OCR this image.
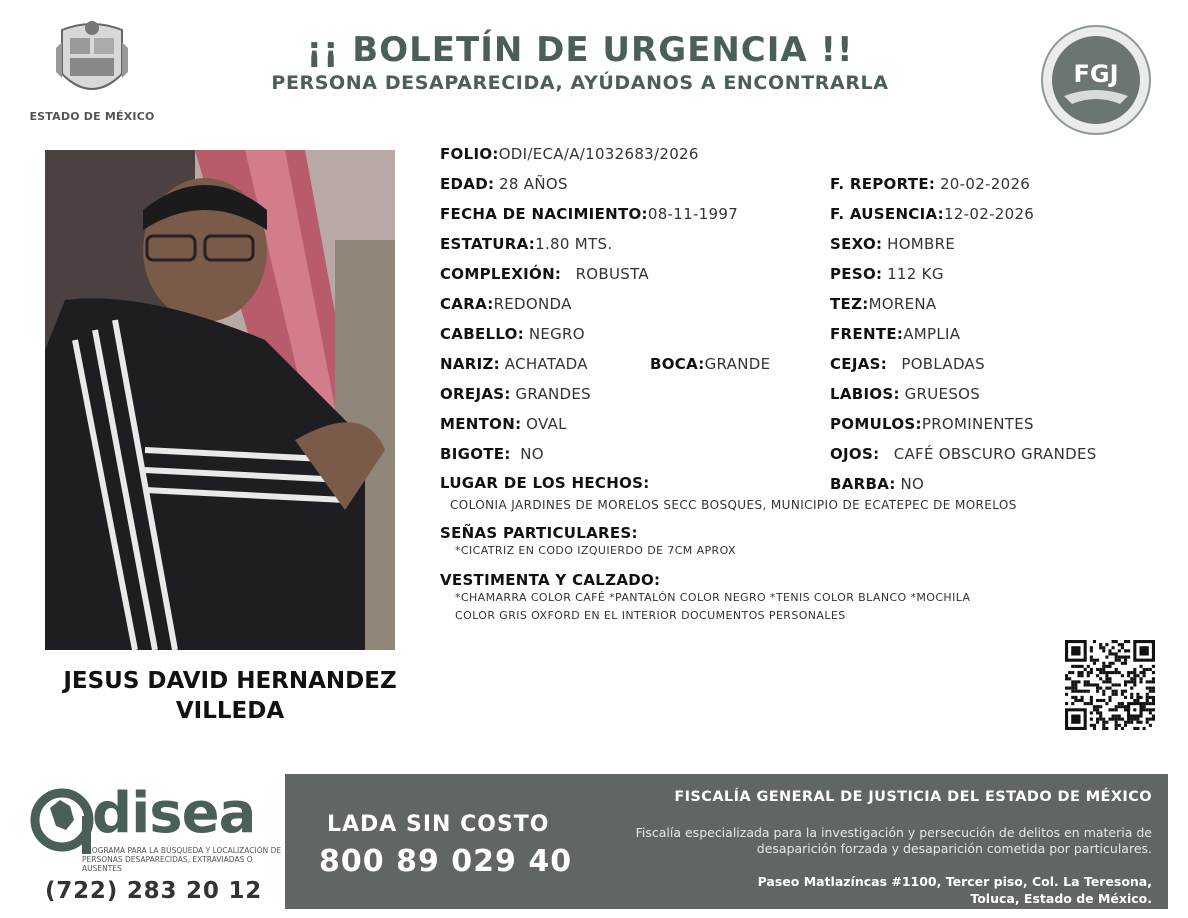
ESTADO DE MÉXICO
¡¡ BOLETÍN DE URGENCIA !!
PERSONA DESAPARECIDA, AYÚDANOS A ENCONTRARLA	FGJ
JESUS DAVID HERNANDEZ
VILLEDA
FOLIO:ODI/ECA/A/1032683/2026
EDAD: 28 AÑOS	F. REPORTE: 20-02-2026
FECHA DE NACIMIENTO:08-11-1997	F. AUSENCIA:12-02-2026
ESTATURA:1.80 MTS.	SEXO: HOMBRE
COMPLEXIÓN: ROBUSTA	PESO: 112 KG
CARA:REDONDA	TEZ:MORENA
CABELLO: NEGRO	FRENTE:AMPLIA
NARIZ: ACHATADA	BOCA:GRANDE	CEJAS: POBLADAS
OREJAS: GRANDES	LABIOS: GRUESOS
MENTON: OVAL	POMULOS:PROMINENTES
BIGOTE: NO	OJOS: CAFÉ OBSCURO GRANDES
LUGAR DE LOS HECHOS:	BARBA: NO
COLONIA JARDINES DE MORELOS SECC BOSQUES, MUNICIPIO DE ECATEPEC DE MORELOS
SEÑAS PARTICULARES:
*CICATRIZ EN CODO IZQUIERDO DE 7CM APROX
VESTIMENTA Y CALZADO:
*CHAMARRA COLOR CAFÉ *PANTALÓN COLOR NEGRO *TENIS COLOR BLANCO *MOCHILA
COLOR GRIS OXFORD EN EL INTERIOR DOCUMENTOS PERSONALES
disea
PROGRAMA PARA LA BÚSQUEDA Y LOCALIZACIÓN DE PERSONAS DESAPARECIDAS, EXTRAVIADAS O AUSENTES
(722) 283 20 12
LADA SIN COSTO
800 89 029 40
FISCALÍA GENERAL DE JUSTICIA DEL ESTADO DE MÉXICO
Fiscalía especializada para la investigación y persecución de delitos en materia de desaparición forzada y desaparición cometida por particulares.
Paseo Matlazíncas #1100, Tercer piso, Col. La Teresona,
Toluca, Estado de México.
